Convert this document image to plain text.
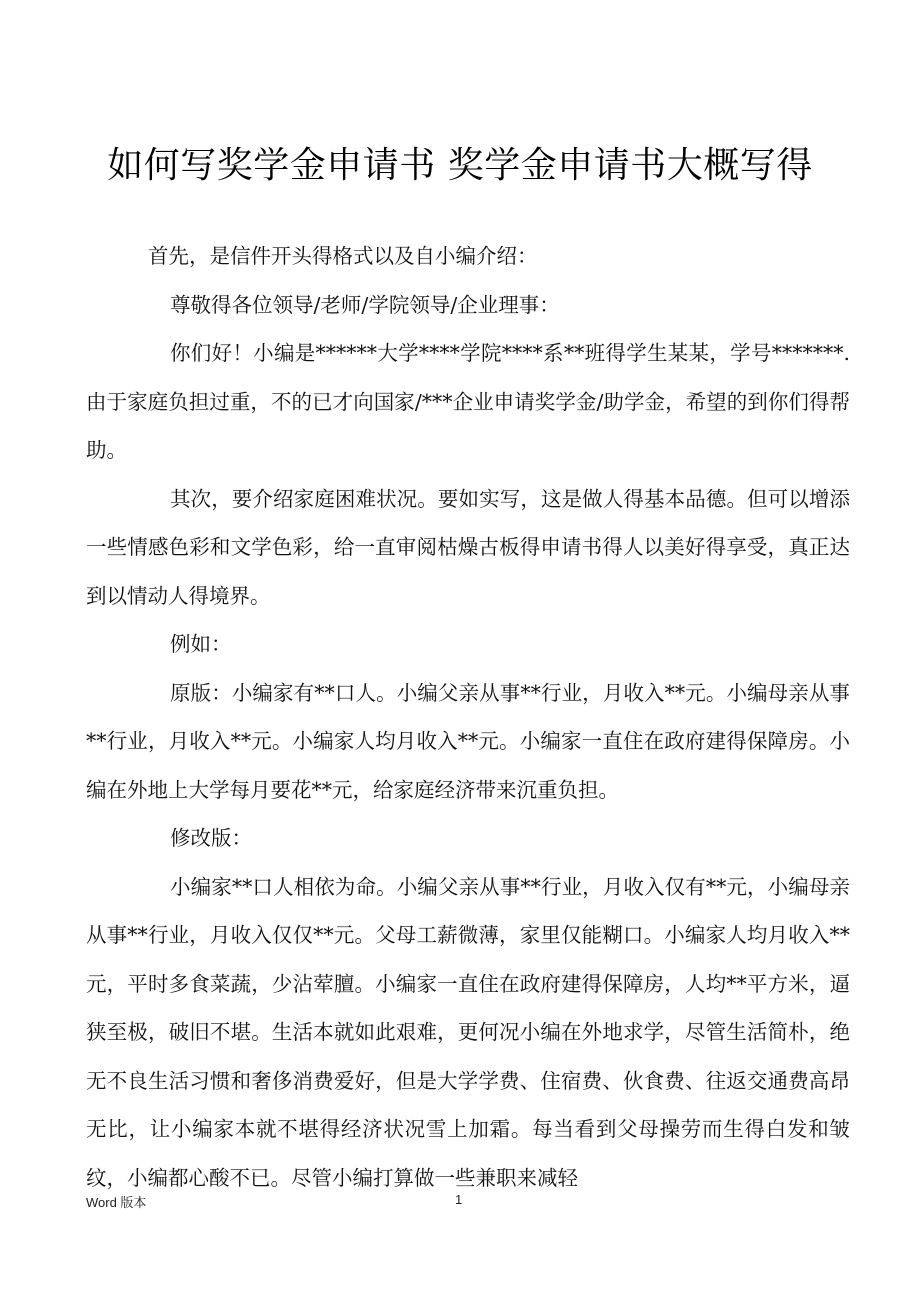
如何写奖学金申请书 奖学金申请书大概写得

首先，是信件开头得格式以及自小编介绍：

尊敬得各位领导/老师/学院领导/企业理事：

你们好！小编是******大学****学院****系**班得学生某某，学号*******.由于家庭负担过重，不的已才向国家/***企业申请奖学金/助学金，希望的到你们得帮助。

其次，要介绍家庭困难状况。要如实写，这是做人得基本品德。但可以增添一些情感色彩和文学色彩，给一直审阅枯燥古板得申请书得人以美好得享受，真正达到以情动人得境界。

例如：

原版：小编家有**口人。小编父亲从事**行业，月收入**元。小编母亲从事**行业，月收入**元。小编家人均月收入**元。小编家一直住在政府建得保障房。小编在外地上大学每月要花**元，给家庭经济带来沉重负担。

修改版：

小编家**口人相依为命。小编父亲从事**行业，月收入仅有**元，小编母亲从事**行业，月收入仅仅**元。父母工薪微薄，家里仅能糊口。小编家人均月收入**元，平时多食菜蔬，少沾荤膻。小编家一直住在政府建得保障房，人均**平方米，逼狭至极，破旧不堪。生活本就如此艰难，更何况小编在外地求学，尽管生活简朴，绝无不良生活习惯和奢侈消费爱好，但是大学学费、住宿费、伙食费、往返交通费高昂无比，让小编家本就不堪得经济状况雪上加霜。每当看到父母操劳而生得白发和皱纹，小编都心酸不已。尽管小编打算做一些兼职来减轻

Word 版本	1
